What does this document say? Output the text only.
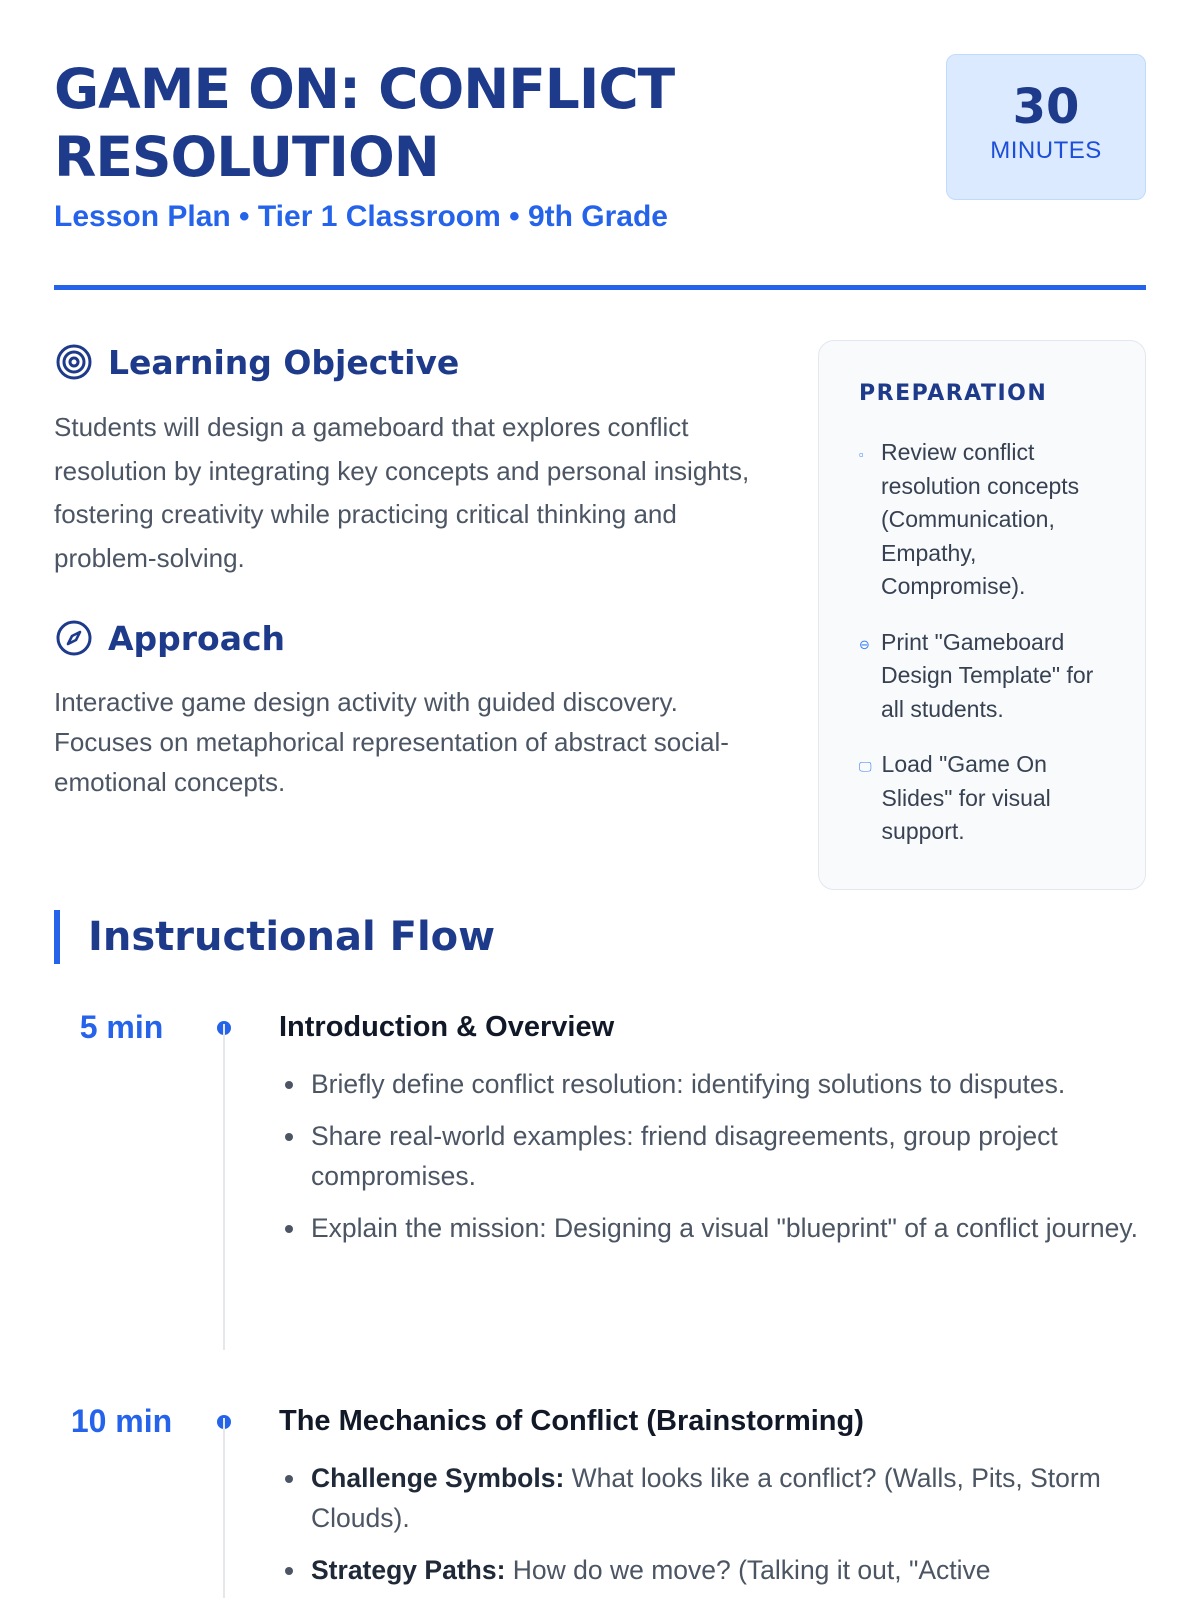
GAME ON: CONFLICT RESOLUTION
Lesson Plan • Tier 1 Classroom • 9th Grade
30
MINUTES
Learning Objective

Students will design a gameboard that explores conflict resolution by integrating key concepts and personal insights, fostering creativity while practicing critical thinking and problem-solving.

Approach

Interactive game design activity with guided discovery. Focuses on metaphorical representation of abstract social-emotional concepts.

PREPARATION
▫ Review conflict resolution concepts (Communication, Empathy, Compromise).
⊖ Print "Gameboard Design Template" for all students.
🖵 Load "Game On Slides" for visual support.
Instructional Flow
5 min	Introduction & Overview
Briefly define conflict resolution: identifying solutions to disputes.
Share real-world examples: friend disagreements, group project compromises.
Explain the mission: Designing a visual "blueprint" of a conflict journey.
10 min	The Mechanics of Conflict (Brainstorming)
Challenge Symbols: What looks like a conflict? (Walls, Pits, Storm Clouds).
Strategy Paths: How do we move? (Talking it out, "Active
